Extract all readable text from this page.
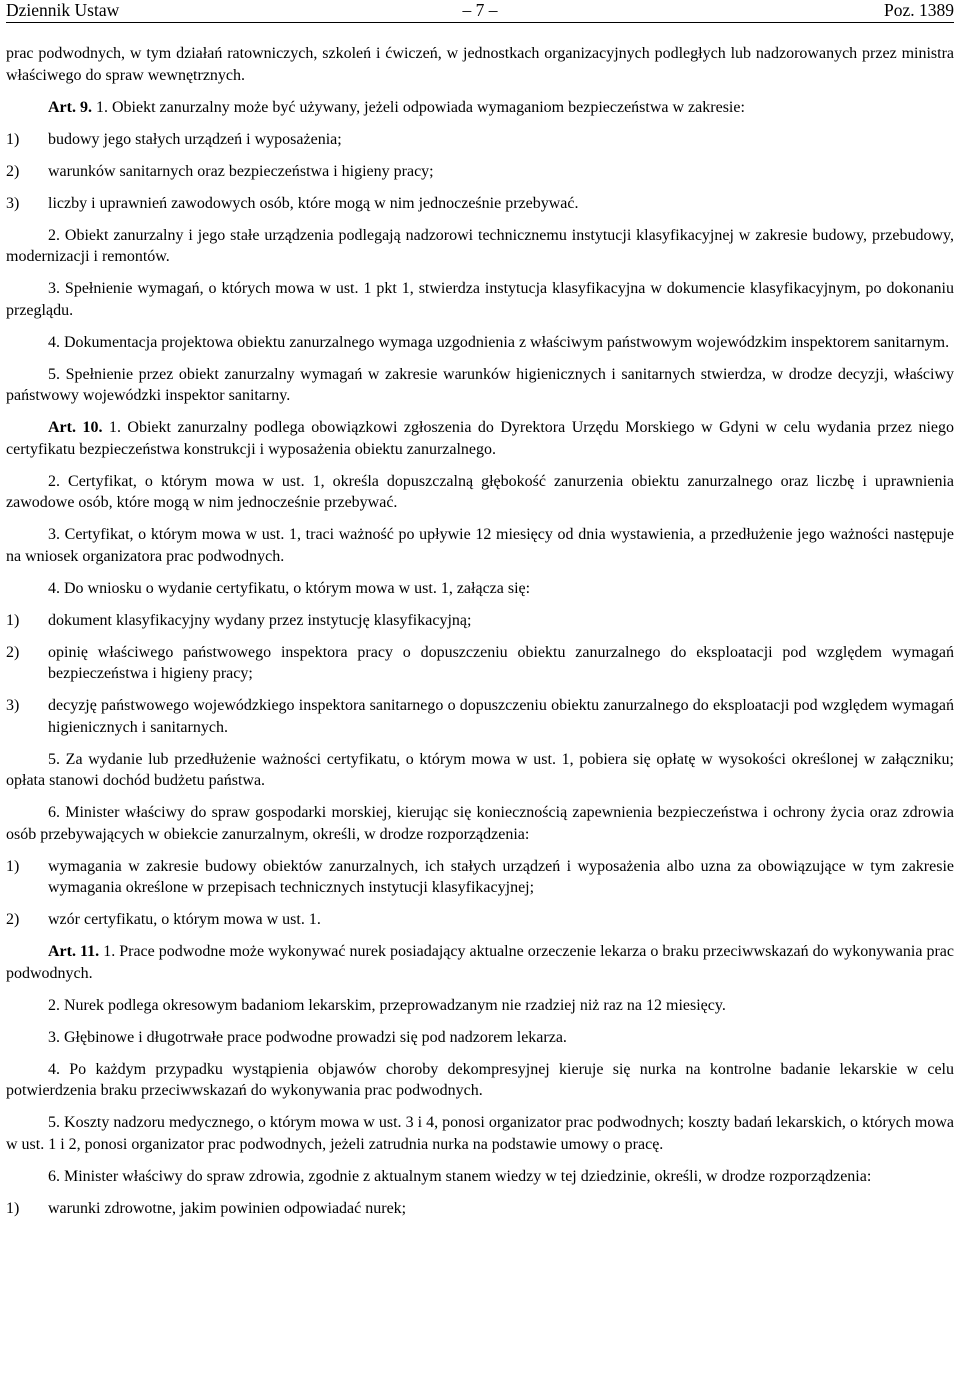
Dziennik Ustaw	– 7 –	Poz. 1389

prac podwodnych, w tym działań ratowniczych, szkoleń i ćwiczeń, w jednostkach organizacyjnych podległych lub nadzorowanych przez ministra właściwego do spraw wewnętrznych.

Art. 9. 1. Obiekt zanurzalny może być używany, jeżeli odpowiada wymaganiom bezpieczeństwa w zakresie:

1)	budowy jego stałych urządzeń i wyposażenia;
2)	warunków sanitarnych oraz bezpieczeństwa i higieny pracy;
3)	liczby i uprawnień zawodowych osób, które mogą w nim jednocześnie przebywać.

2. Obiekt zanurzalny i jego stałe urządzenia podlegają nadzorowi technicznemu instytucji klasyfikacyjnej w zakresie budowy, przebudowy, modernizacji i remontów.

3. Spełnienie wymagań, o których mowa w ust. 1 pkt 1, stwierdza instytucja klasyfikacyjna w dokumencie klasyfikacyjnym, po dokonaniu przeglądu.

4. Dokumentacja projektowa obiektu zanurzalnego wymaga uzgodnienia z właściwym państwowym wojewódzkim inspektorem sanitarnym.

5. Spełnienie przez obiekt zanurzalny wymagań w zakresie warunków higienicznych i sanitarnych stwierdza, w drodze decyzji, właściwy państwowy wojewódzki inspektor sanitarny.

Art. 10. 1. Obiekt zanurzalny podlega obowiązkowi zgłoszenia do Dyrektora Urzędu Morskiego w Gdyni w celu wydania przez niego certyfikatu bezpieczeństwa konstrukcji i wyposażenia obiektu zanurzalnego.

2. Certyfikat, o którym mowa w ust. 1, określa dopuszczalną głębokość zanurzenia obiektu zanurzalnego oraz liczbę i uprawnienia zawodowe osób, które mogą w nim jednocześnie przebywać.

3. Certyfikat, o którym mowa w ust. 1, traci ważność po upływie 12 miesięcy od dnia wystawienia, a przedłużenie jego ważności następuje na wniosek organizatora prac podwodnych.

4. Do wniosku o wydanie certyfikatu, o którym mowa w ust. 1, załącza się:

1)	dokument klasyfikacyjny wydany przez instytucję klasyfikacyjną;
2)	opinię właściwego państwowego inspektora pracy o dopuszczeniu obiektu zanurzalnego do eksploatacji pod względem wymagań bezpieczeństwa i higieny pracy;
3)	decyzję państwowego wojewódzkiego inspektora sanitarnego o dopuszczeniu obiektu zanurzalnego do eksploatacji pod względem wymagań higienicznych i sanitarnych.

5. Za wydanie lub przedłużenie ważności certyfikatu, o którym mowa w ust. 1, pobiera się opłatę w wysokości określonej w załączniku; opłata stanowi dochód budżetu państwa.

6. Minister właściwy do spraw gospodarki morskiej, kierując się koniecznością zapewnienia bezpieczeństwa i ochrony życia oraz zdrowia osób przebywających w obiekcie zanurzalnym, określi, w drodze rozporządzenia:

1)	wymagania w zakresie budowy obiektów zanurzalnych, ich stałych urządzeń i wyposażenia albo uzna za obowiązujące w tym zakresie wymagania określone w przepisach technicznych instytucji klasyfikacyjnej;
2)	wzór certyfikatu, o którym mowa w ust. 1.

Art. 11. 1. Prace podwodne może wykonywać nurek posiadający aktualne orzeczenie lekarza o braku przeciwwskazań do wykonywania prac podwodnych.

2. Nurek podlega okresowym badaniom lekarskim, przeprowadzanym nie rzadziej niż raz na 12 miesięcy.

3. Głębinowe i długotrwałe prace podwodne prowadzi się pod nadzorem lekarza.

4. Po każdym przypadku wystąpienia objawów choroby dekompresyjnej kieruje się nurka na kontrolne badanie lekarskie w celu potwierdzenia braku przeciwwskazań do wykonywania prac podwodnych.

5. Koszty nadzoru medycznego, o którym mowa w ust. 3 i 4, ponosi organizator prac podwodnych; koszty badań lekarskich, o których mowa w ust. 1 i 2, ponosi organizator prac podwodnych, jeżeli zatrudnia nurka na podstawie umowy o pracę.

6. Minister właściwy do spraw zdrowia, zgodnie z aktualnym stanem wiedzy w tej dziedzinie, określi, w drodze rozporządzenia:

1)	warunki zdrowotne, jakim powinien odpowiadać nurek;
